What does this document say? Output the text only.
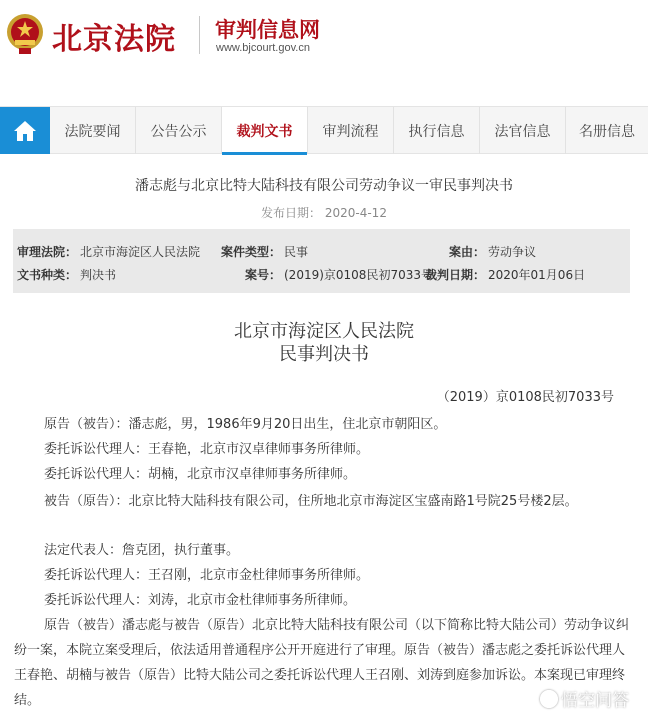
北京法院 审判信息网
www.bjcourt.gov.cn
法院要闻	公告公示	裁判文书	审判流程	执行信息	法官信息	名册信息
潘志彪与北京比特大陆科技有限公司劳动争议一审民事判决书
发布日期： 2020-4-12
审理法院： 北京市海淀区人民法院 案件类型： 民事	案由： 劳动争议
文书种类： 判决书	案号： (2019)京0108民初7033号
裁判日期： 2020年01月06日
北京市海淀区人民法院
民事判决书
（2019）京0108民初7033号
原告（被告）：潘志彪，男，1986年9月20日出生，住北京市朝阳区。
委托诉讼代理人：王春艳，北京市汉卓律师事务所律师。
委托诉讼代理人：胡楠，北京市汉卓律师事务所律师。
被告（原告）：北京比特大陆科技有限公司，住所地北京市海淀区宝盛南路1号院25号楼2层。
法定代表人：詹克团，执行董事。
委托诉讼代理人：王召刚，北京市金杜律师事务所律师。
委托诉讼代理人：刘涛，北京市金杜律师事务所律师。
原告（被告）潘志彪与被告（原告）北京比特大陆科技有限公司（以下简称比特大陆公司）劳动争议纠纷一案，本院立案受理后，依法适用普通程序公开开庭进行了审理。原告（被告）潘志彪之委托诉讼代理人王春艳、胡楠与被告（原告）比特大陆公司之委托诉讼代理人王召刚、刘涛到庭参加诉讼。本案现已审理终结。	悟空问答
